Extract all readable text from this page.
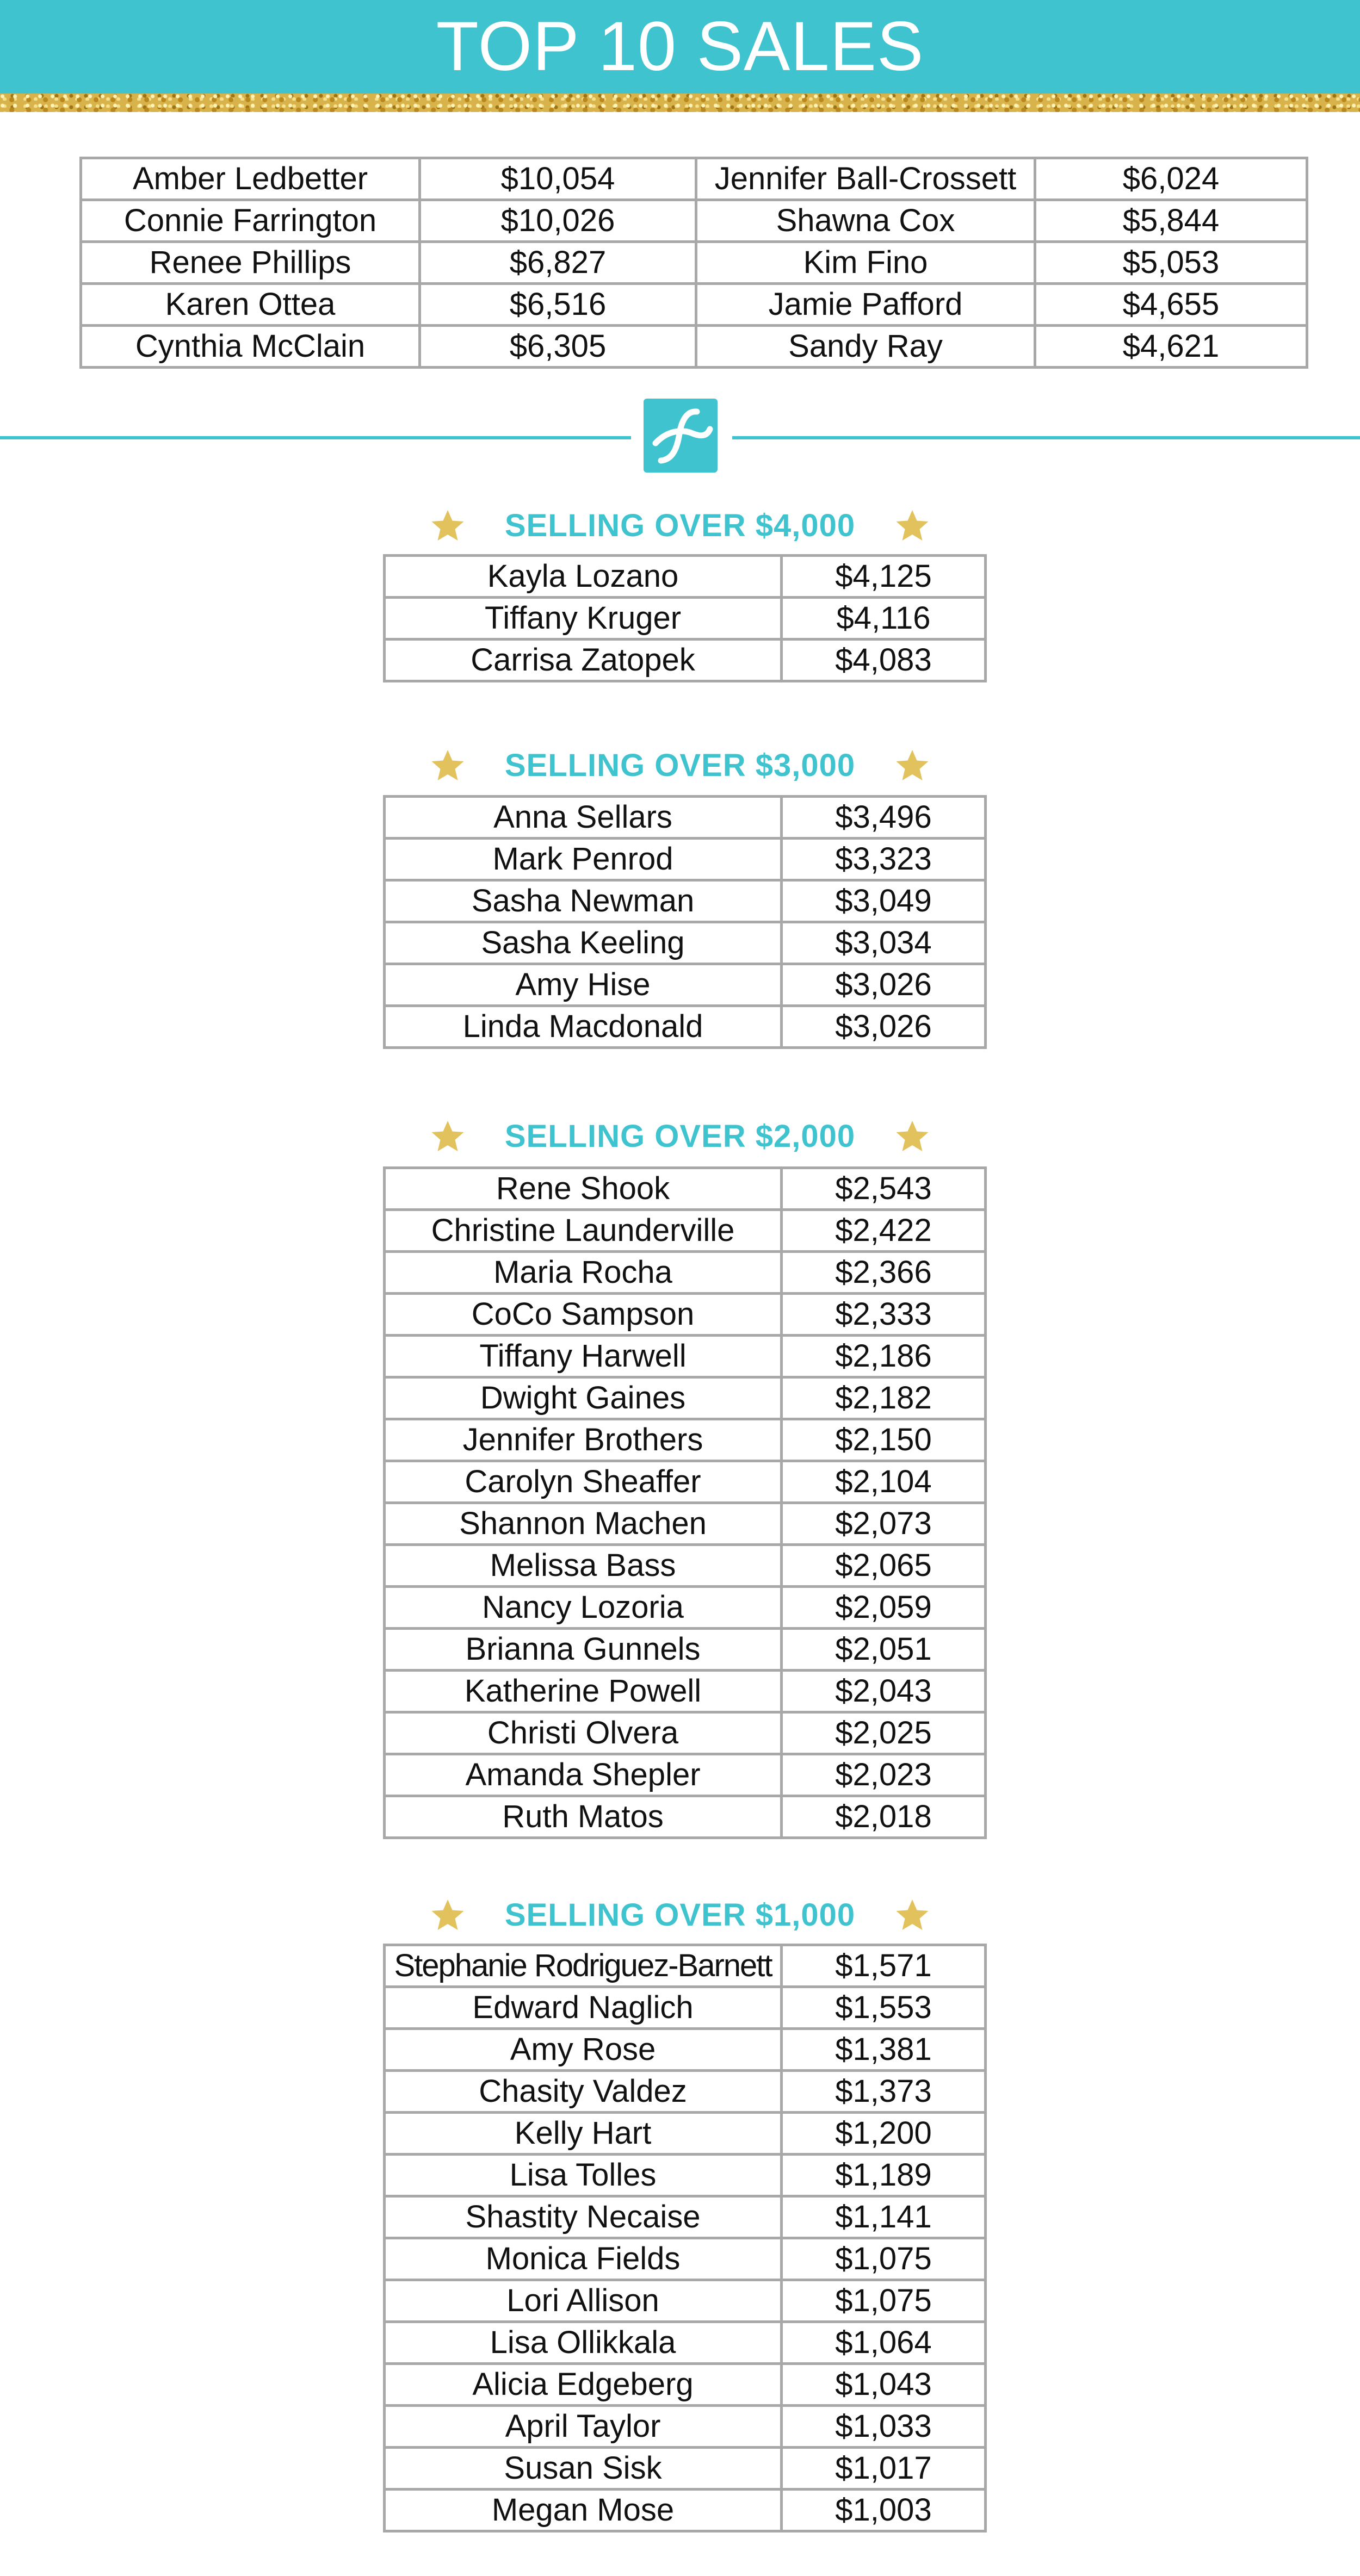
TOP 10 SALES
Amber Ledbetter	$10,054	Jennifer Ball-Crossett	$6,024
Connie Farrington	$10,026	Shawna Cox	$5,844
Renee Phillips	$6,827	Kim Fino	$5,053
Karen Ottea	$6,516	Jamie Pafford	$4,655
Cynthia McClain	$6,305	Sandy Ray	$4,621
SELLING OVER $4,000
Kayla Lozano	$4,125
Tiffany Kruger	$4,116
Carrisa Zatopek	$4,083
SELLING OVER $3,000
Anna Sellars	$3,496
Mark Penrod	$3,323
Sasha Newman	$3,049
Sasha Keeling	$3,034
Amy Hise	$3,026
Linda Macdonald	$3,026
SELLING OVER $2,000
Rene Shook	$2,543
Christine Launderville	$2,422
Maria Rocha	$2,366
CoCo Sampson	$2,333
Tiffany Harwell	$2,186
Dwight Gaines	$2,182
Jennifer Brothers	$2,150
Carolyn Sheaffer	$2,104
Shannon Machen	$2,073
Melissa Bass	$2,065
Nancy Lozoria	$2,059
Brianna Gunnels	$2,051
Katherine Powell	$2,043
Christi Olvera	$2,025
Amanda Shepler	$2,023
Ruth Matos	$2,018
SELLING OVER $1,000
Stephanie Rodriguez-Barnett	$1,571
Edward Naglich	$1,553
Amy Rose	$1,381
Chasity Valdez	$1,373
Kelly Hart	$1,200
Lisa Tolles	$1,189
Shastity Necaise	$1,141
Monica Fields	$1,075
Lori Allison	$1,075
Lisa Ollikkala	$1,064
Alicia Edgeberg	$1,043
April Taylor	$1,033
Susan Sisk	$1,017
Megan Mose	$1,003
